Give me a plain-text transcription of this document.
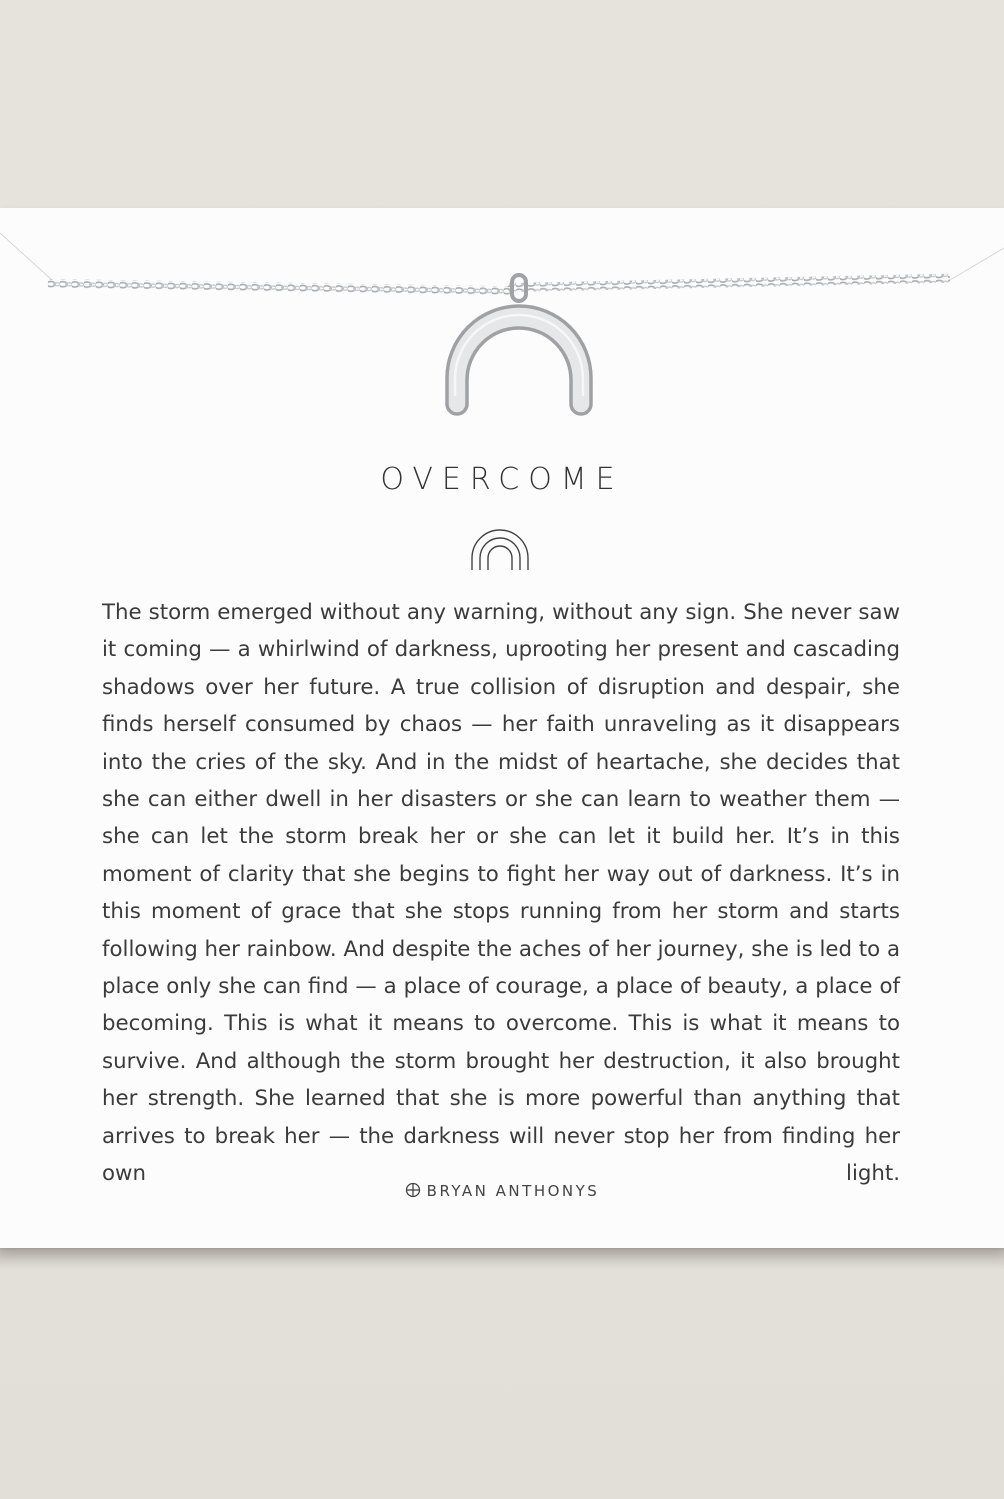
OVERCOME
The storm emerged without any warning, without any sign. She never saw it coming — a whirlwind of darkness, uprooting her present and cascading shadows over her future. A true collision of disruption and despair, she finds herself consumed by chaos — her faith unraveling as it disappears into the cries of the sky. And in the midst of heartache, she decides that she can either dwell in her disasters or she can learn to weather them — she can let the storm break her or she can let it build her. It’s in this moment of clarity that she begins to fight her way out of darkness. It’s in this moment of grace that she stops running from her storm and starts following her rainbow. And despite the aches of her journey, she is led to a place only she can find — a place of courage, a place of beauty, a place of becoming. This is what it means to overcome. This is what it means to survive. And although the storm brought her destruction, it also brought her strength. She learned that she is more powerful than anything that arrives to break her — the darkness will never stop her from finding her own light.
BRYAN ANTHONYS
